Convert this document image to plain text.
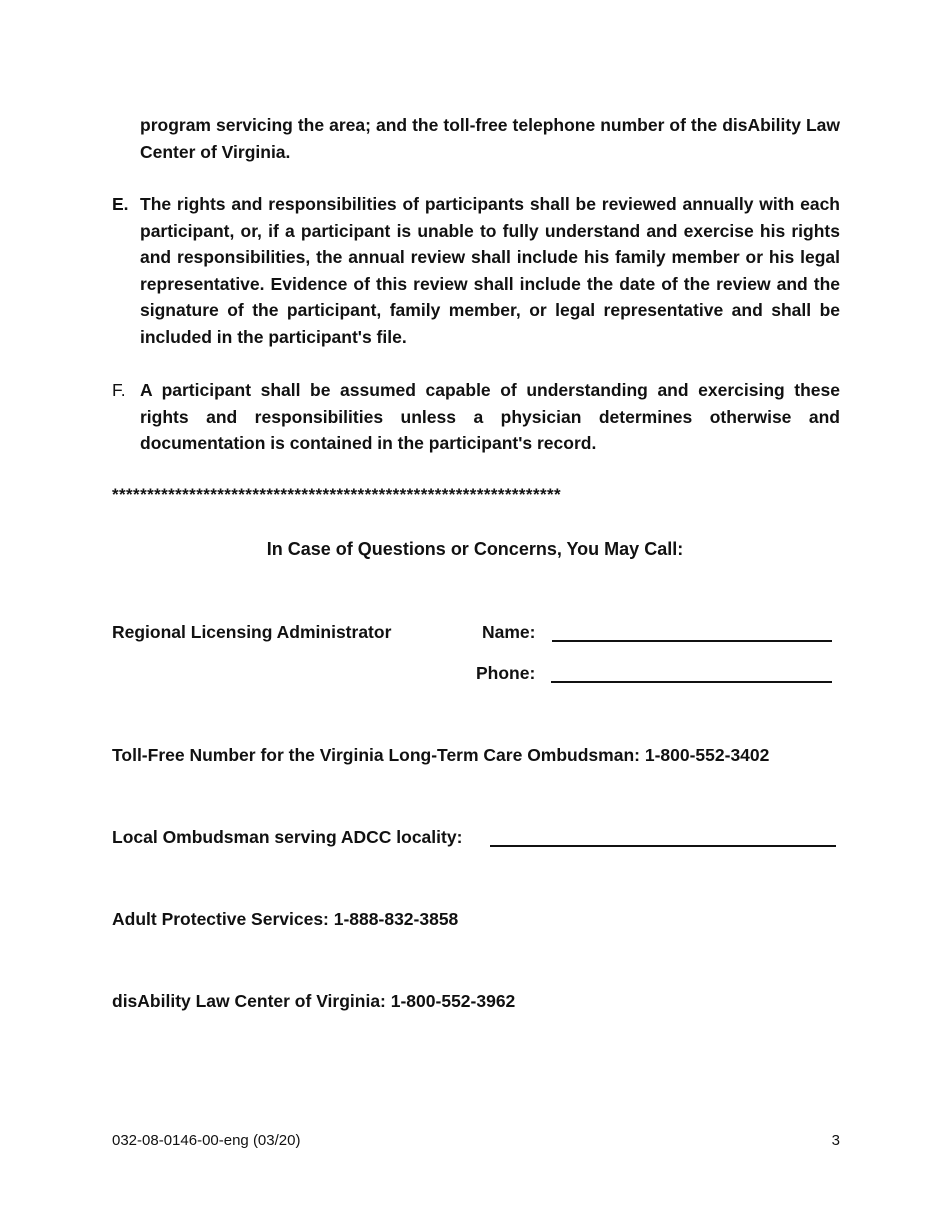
program servicing the area; and the toll-free telephone number of the disAbility Law Center of Virginia.
E. The rights and responsibilities of participants shall be reviewed annually with each participant, or, if a participant is unable to fully understand and exercise his rights and responsibilities, the annual review shall include his family member or his legal representative. Evidence of this review shall include the date of the review and the signature of the participant, family member, or legal representative and shall be included in the participant's file.
F. A participant shall be assumed capable of understanding and exercising these rights and responsibilities unless a physician determines otherwise and documentation is contained in the participant's record.
****************************************************************
In Case of Questions or Concerns, You May Call:
Regional Licensing Administrator	Name:
Phone:
Toll-Free Number for the Virginia Long-Term Care Ombudsman: 1-800-552-3402
Local Ombudsman serving ADCC locality:
Adult Protective Services: 1-888-832-3858
disAbility Law Center of Virginia: 1-800-552-3962
032-08-0146-00-eng (03/20)	3
